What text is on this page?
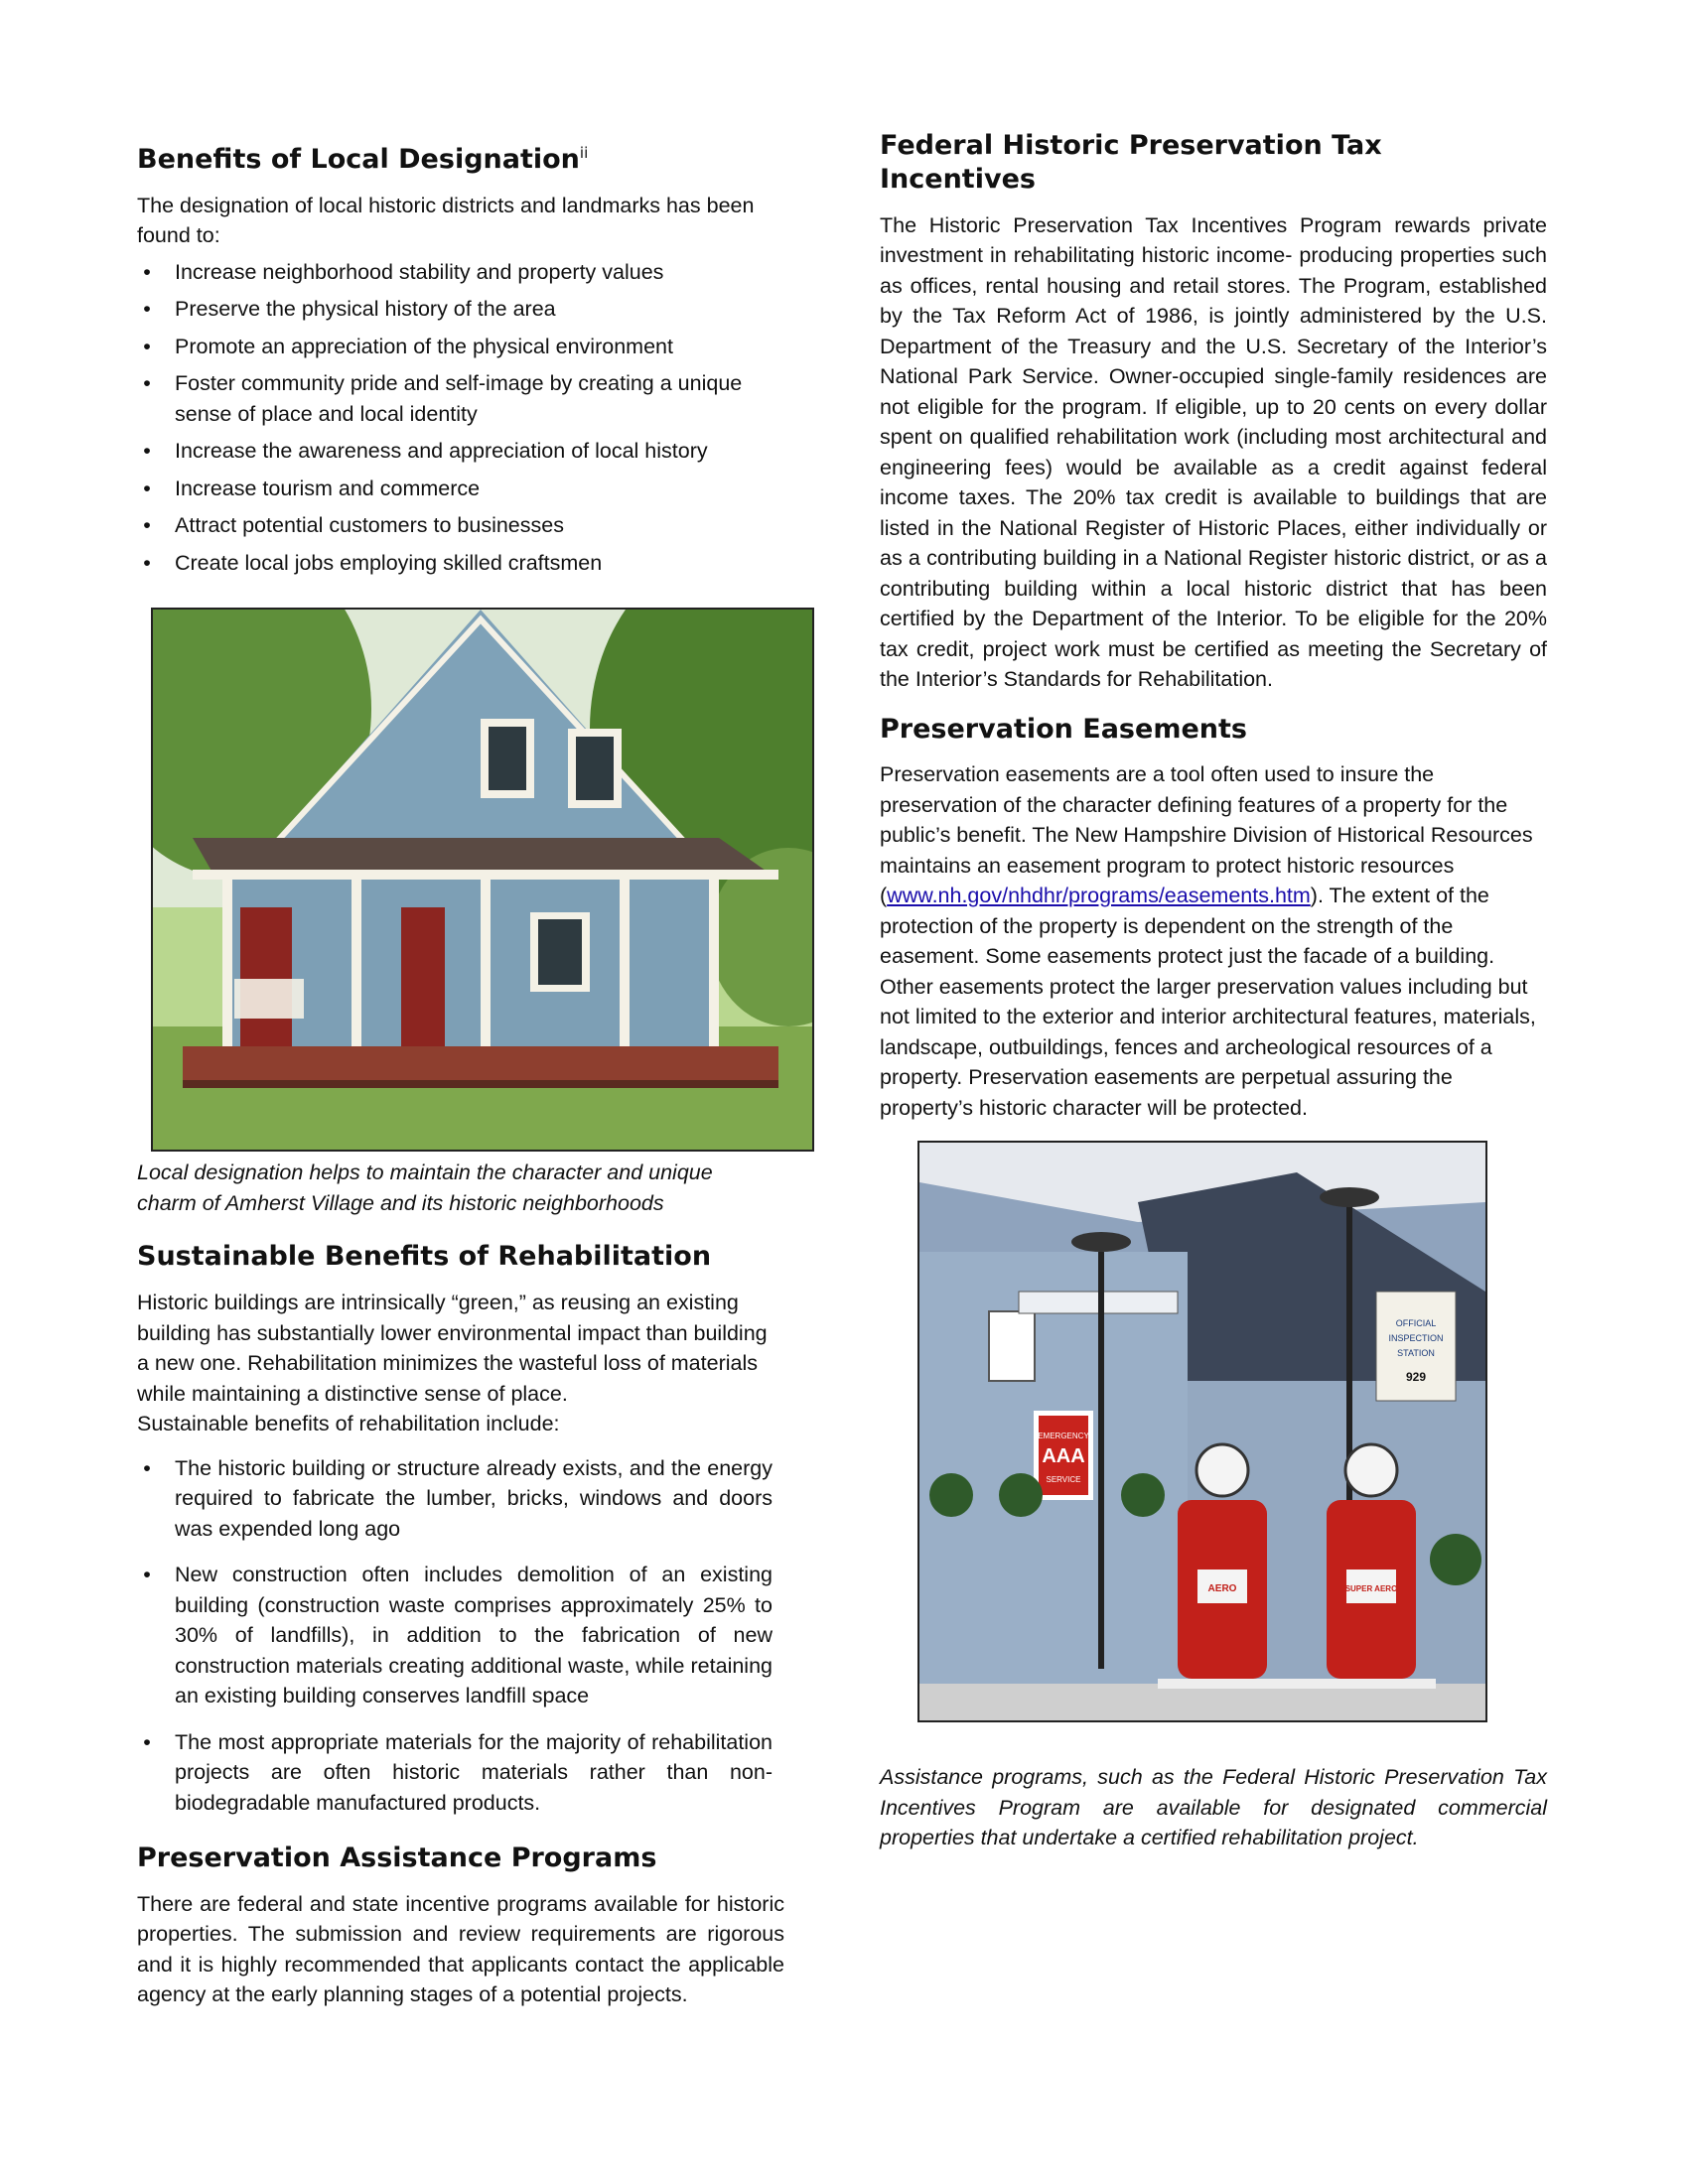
Benefits of Local Designation$^{ii}$

The designation of local historic districts and landmarks has been found to:

• Increase neighborhood stability and property values
• Preserve the physical history of the area
• Promote an appreciation of the physical environment
• Foster community pride and self-image by creating a unique sense of place and local identity
• Increase the awareness and appreciation of local history
• Increase tourism and commerce
• Attract potential customers to businesses
• Create local jobs employing skilled craftsmen

Local designation helps to maintain the character and unique charm of Amherst Village and its historic neighborhoods

Sustainable Benefits of Rehabilitation

Historic buildings are intrinsically “green,” as reusing an existing building has substantially lower environmental impact than building a new one. Rehabilitation minimizes the wasteful loss of materials while maintaining a distinctive sense of place.

Sustainable benefits of rehabilitation include:

• The historic building or structure already exists, and the energy required to fabricate the lumber, bricks, windows and doors was expended long ago
• New construction often includes demolition of an existing building (construction waste comprises approximately 25% to 30% of landfills), in addition to the fabrication of new construction materials creating additional waste, while retaining an existing building conserves landfill space
• The most appropriate materials for the majority of rehabilitation projects are often historic materials rather than non-biodegradable manufactured products.
Preservation Assistance Programs

There are federal and state incentive programs available for historic properties. The submission and review requirements are rigorous and it is highly recommended that applicants contact the applicable agency at the early planning stages of a potential projects.

Federal Historic Preservation Tax Incentives

The Historic Preservation Tax Incentives Program rewards private investment in rehabilitating historic income- producing properties such as offices, rental housing and retail stores. The Program, established by the Tax Reform Act of 1986, is jointly administered by the U.S. Department of the Treasury and the U.S. Secretary of the Interior’s National Park Service. Owner-occupied single-family residences are not eligible for the program. If eligible, up to 20 cents on every dollar spent on qualified rehabilitation work (including most architectural and engineering fees) would be available as a credit against federal income taxes. The 20% tax credit is available to buildings that are listed in the National Register of Historic Places, either individually or as a contributing building in a National Register historic district, or as a contributing building within a local historic district that has been certified by the Department of the Interior. To be eligible for the 20% tax credit, project work must be certified as meeting the Secretary of the Interior’s Standards for Rehabilitation.

Preservation Easements

Preservation easements are a tool often used to insure the preservation of the character defining features of a property for the public’s benefit. The New Hampshire Division of Historical Resources maintains an easement program to protect historic resources (www.nh.gov/nhdhr/programs/easements.htm). The extent of the protection of the property is dependent on the strength of the easement. Some easements protect just the facade of a building. Other easements protect the larger preservation values including but not limited to the exterior and interior architectural features, materials, landscape, outbuildings, fences and archeological resources of a property. Preservation easements are perpetual assuring the property’s historic character will be protected.

EMERGENCY
AAA
SERVICE
OFFICIAL
INSPECTION
STATION
929
AERO	SUPER AERO

Assistance programs, such as the Federal Historic Preservation Tax Incentives Program are available for designated commercial properties that undertake a certified rehabilitation project.
